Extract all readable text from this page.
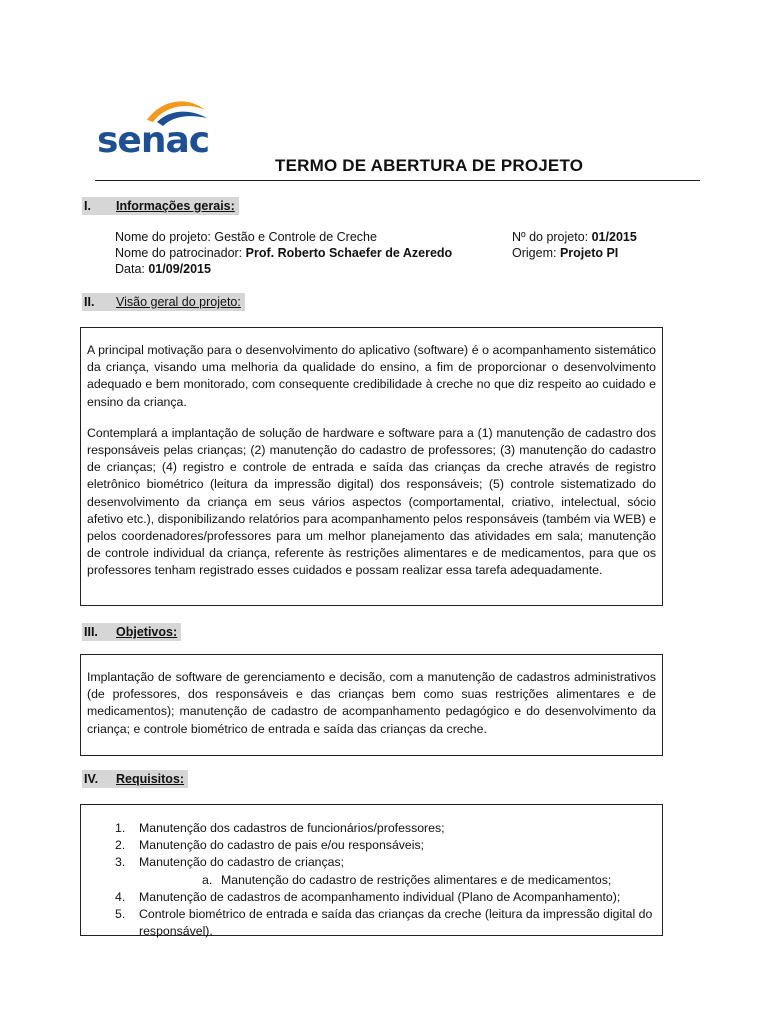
senac
TERMO DE ABERTURA DE PROJETO
I.	Informações gerais:
Nome do projeto: Gestão e Controle de Creche
Nome do patrocinador: Prof. Roberto Schaefer de Azeredo
Data: 01/09/2015
Nº do projeto: 01/2015
Origem: Projeto PI
II.	Visão geral do projeto:

A principal motivação para o desenvolvimento do aplicativo (software) é o acompanhamento sistemático da criança, visando uma melhoria da qualidade do ensino, a fim de proporcionar o desenvolvimento adequado e bem monitorado, com consequente credibilidade à creche no que diz respeito ao cuidado e ensino da criança.

Contemplará a implantação de solução de hardware e software para a (1) manutenção de cadastro dos responsáveis pelas crianças; (2) manutenção do cadastro de professores; (3) manutenção do cadastro de crianças; (4) registro e controle de entrada e saída das crianças da creche através de registro eletrônico biométrico (leitura da impressão digital) dos responsáveis; (5) controle sistematizado do desenvolvimento da criança em seus vários aspectos (comportamental, criativo, intelectual, sócio afetivo etc.), disponibilizando relatórios para acompanhamento pelos responsáveis (também via WEB) e pelos coordenadores/professores para um melhor planejamento das atividades em sala; manutenção de controle individual da criança, referente às restrições alimentares e de medicamentos, para que os professores tenham registrado esses cuidados e possam realizar essa tarefa adequadamente.

III.	Objetivos:

Implantação de software de gerenciamento e decisão, com a manutenção de cadastros administrativos (de professores, dos responsáveis e das crianças bem como suas restrições alimentares e de medicamentos); manutenção de cadastro de acompanhamento pedagógico e do desenvolvimento da criança; e controle biométrico de entrada e saída das crianças da creche.

IV.	Requisitos:
1. Manutenção dos cadastros de funcionários/professores;
2. Manutenção do cadastro de pais e/ou responsáveis;
3. Manutenção do cadastro de crianças;
a. Manutenção do cadastro de restrições alimentares e de medicamentos;
4. Manutenção de cadastros de acompanhamento individual (Plano de Acompanhamento);
5. Controle biométrico de entrada e saída das crianças da creche (leitura da impressão digital do responsável).
